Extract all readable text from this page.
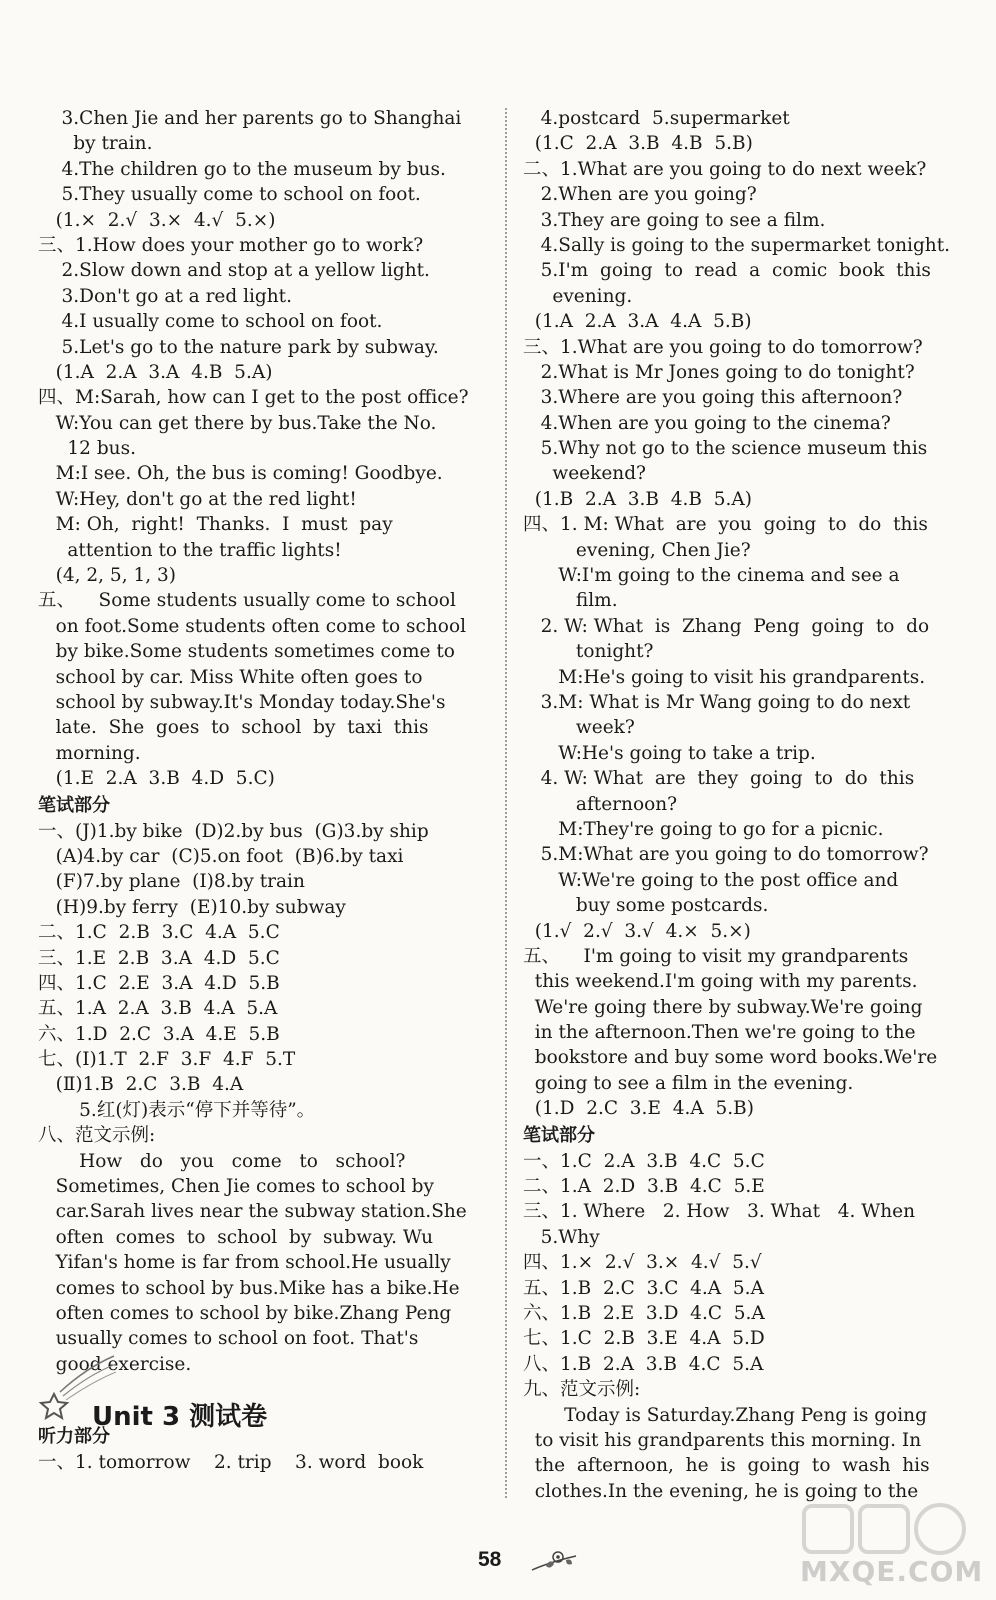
3.Chen Jie and her parents go to Shanghai
by train.
4.The children go to the museum by bus.
5.They usually come to school on foot.
(1.×  2.√  3.×  4.√  5.×)
三、1.How does your mother go to work?
2.Slow down and stop at a yellow light.
3.Don't go at a red light.
4.I usually come to school on foot.
5.Let's go to the nature park by subway.
(1.A  2.A  3.A  4.B  5.A)
四、M:Sarah, how can I get to the post office?
W:You can get there by bus.Take the No.
12 bus.
M:I see. Oh, the bus is coming! Goodbye.
W:Hey, don't go at the red light!
M: Oh,  right!  Thanks.  I  must  pay
attention to the traffic lights!
(4, 2, 5, 1, 3)
五、    Some students usually come to school
on foot.Some students often come to school
by bike.Some students sometimes come to
school by car. Miss White often goes to
school by subway.It's Monday today.She's
late.  She  goes  to  school  by  taxi  this
morning.
(1.E  2.A  3.B  4.D  5.C)
笔试部分
一、(J)1.by bike  (D)2.by bus  (G)3.by ship
(A)4.by car  (C)5.on foot  (B)6.by taxi
(F)7.by plane  (I)8.by train
(H)9.by ferry  (E)10.by subway
二、1.C  2.B  3.C  4.A  5.C
三、1.E  2.B  3.A  4.D  5.C
四、1.C  2.E  3.A  4.D  5.B
五、1.A  2.A  3.B  4.A  5.A
六、1.D  2.C  3.A  4.E  5.B
七、(Ⅰ)1.T  2.F  3.F  4.F  5.T
(Ⅱ)1.B  2.C  3.B  4.A
5.红(灯)表示“停下并等待”。
八、范文示例:
How   do   you   come   to   school?
Sometimes, Chen Jie comes to school by
car.Sarah lives near the subway station.She
often  comes  to  school  by  subway. Wu
Yifan's home is far from school.He usually
comes to school by bus.Mike has a bike.He
often comes to school by bike.Zhang Peng
usually comes to school on foot. That's
good exercise.
4.postcard  5.supermarket
(1.C  2.A  3.B  4.B  5.B)
二、1.What are you going to do next week?
2.When are you going?
3.They are going to see a film.
4.Sally is going to the supermarket tonight.
5.I'm  going  to  read  a  comic  book  this
evening.
(1.A  2.A  3.A  4.A  5.B)
三、1.What are you going to do tomorrow?
2.What is Mr Jones going to do tonight?
3.Where are you going this afternoon?
4.When are you going to the cinema?
5.Why not go to the science museum this
weekend?
(1.B  2.A  3.B  4.B  5.A)
四、1. M: What  are  you  going  to  do  this
evening, Chen Jie?
W:I'm going to the cinema and see a
film.
2. W: What  is  Zhang  Peng  going  to  do
tonight?
M:He's going to visit his grandparents.
3.M: What is Mr Wang going to do next
week?
W:He's going to take a trip.
4. W: What  are  they  going  to  do  this
afternoon?
M:They're going to go for a picnic.
5.M:What are you going to do tomorrow?
W:We're going to the post office and
buy some postcards.
(1.√  2.√  3.√  4.×  5.×)
五、    I'm going to visit my grandparents
this weekend.I'm going with my parents.
We're going there by subway.We're going
in the afternoon.Then we're going to the
bookstore and buy some word books.We're
going to see a film in the evening.
(1.D  2.C  3.E  4.A  5.B)
笔试部分
一、1.C  2.A  3.B  4.C  5.C
二、1.A  2.D  3.B  4.C  5.E
三、1. Where   2. How   3. What   4. When
5.Why
四、1.×  2.√  3.×  4.√  5.√
五、1.B  2.C  3.C  4.A  5.A
六、1.B  2.E  3.D  4.C  5.A
七、1.C  2.B  3.E  4.A  5.D
八、1.B  2.A  3.B  4.C  5.A
九、范文示例:
Today is Saturday.Zhang Peng is going
to visit his grandparents this morning. In
the  afternoon,  he  is  going  to  wash  his
clothes.In the evening, he is going to the
Unit 3 测试卷
听力部分
一、1. tomorrow    2. trip    3. word  book
58	MXQE.COM
